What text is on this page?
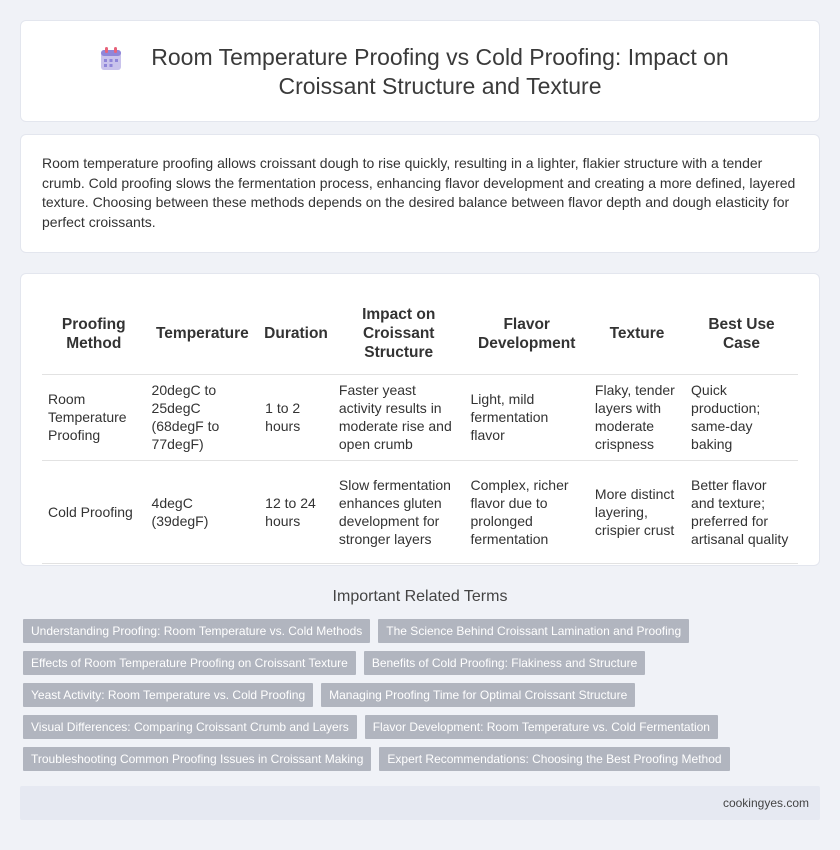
Room Temperature Proofing vs Cold Proofing: Impact on Croissant Structure and Texture

Room temperature proofing allows croissant dough to rise quickly, resulting in a lighter, flakier structure with a tender crumb. Cold proofing slows the fermentation process, enhancing flavor development and creating a more defined, layered texture. Choosing between these methods depends on the desired balance between flavor depth and dough elasticity for perfect croissants.

Proofing Method	Temperature	Duration	Impact on Croissant Structure	Flavor Development	Texture	Best Use Case
Room Temperature Proofing	20degC to 25degC (68degF to 77degF)	1 to 2 hours	Faster yeast activity results in moderate rise and open crumb	Light, mild fermentation flavor	Flaky, tender layers with moderate crispness	Quick production; same-day baking
Cold Proofing	4degC (39degF)	12 to 24 hours	Slow fermentation enhances gluten development for stronger layers	Complex, richer flavor due to prolonged fermentation	More distinct layering, crispier crust	Better flavor and texture; preferred for artisanal quality
Important Related Terms
Understanding Proofing: Room Temperature vs. Cold Methods	The Science Behind Croissant Lamination and Proofing
Effects of Room Temperature Proofing on Croissant Texture	Benefits of Cold Proofing: Flakiness and Structure
Yeast Activity: Room Temperature vs. Cold Proofing	Managing Proofing Time for Optimal Croissant Structure
Visual Differences: Comparing Croissant Crumb and Layers	Flavor Development: Room Temperature vs. Cold Fermentation
Troubleshooting Common Proofing Issues in Croissant Making	Expert Recommendations: Choosing the Best Proofing Method
cookingyes.com
